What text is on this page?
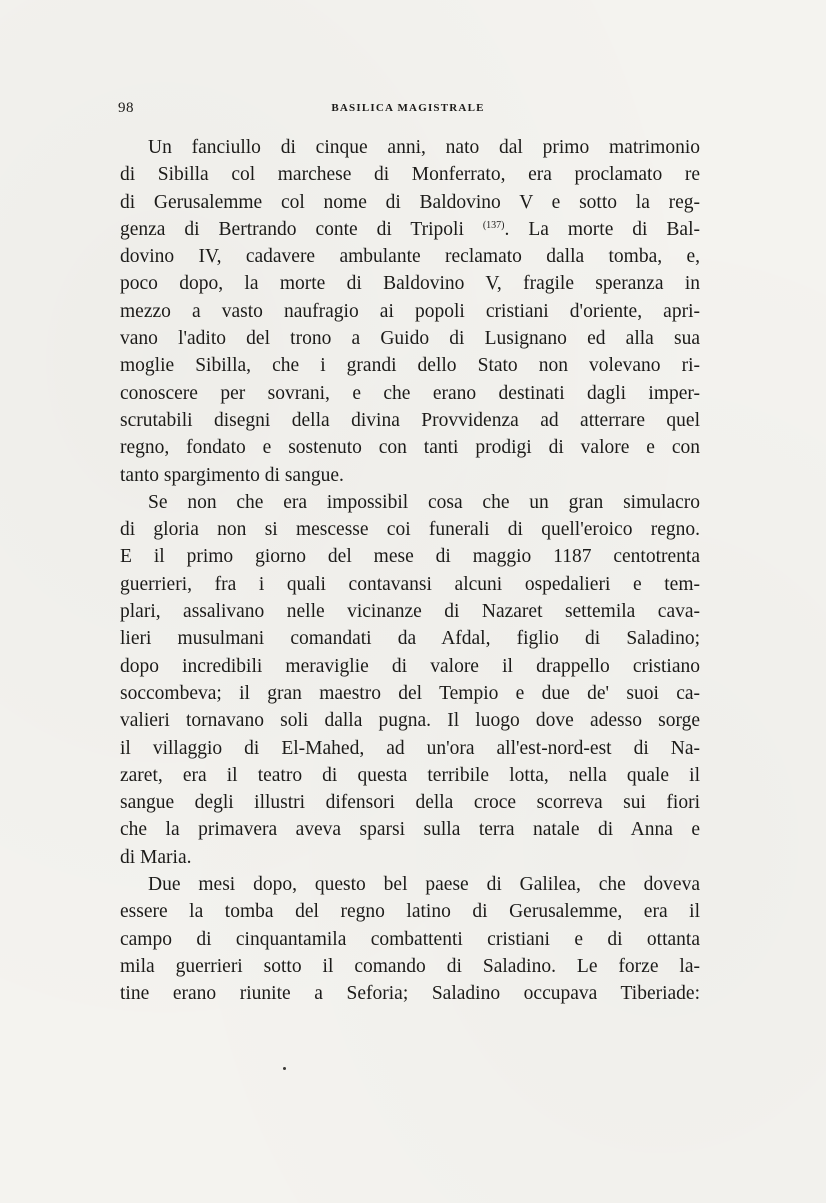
98	BASILICA MAGISTRALE
Un fanciullo di cinque anni, nato dal primo matrimonio
di Sibilla col marchese di Monferrato, era proclamato re
di Gerusalemme col nome di Baldovino V e sotto la reg-
genza di Bertrando conte di Tripoli $^{(137)}$. La morte di Bal-
dovino IV, cadavere ambulante reclamato dalla tomba, e,
poco dopo, la morte di Baldovino V, fragile speranza in
mezzo a vasto naufragio ai popoli cristiani d'oriente, apri-
vano l'adito del trono a Guido di Lusignano ed alla sua
moglie Sibilla, che i grandi dello Stato non volevano ri-
conoscere per sovrani, e che erano destinati dagli imper-
scrutabili disegni della divina Provvidenza ad atterrare quel
regno, fondato e sostenuto con tanti prodigi di valore e con
tanto spargimento di sangue.
Se non che era impossibil cosa che un gran simulacro
di gloria non si mescesse coi funerali di quell'eroico regno.
E il primo giorno del mese di maggio 1187 centotrenta
guerrieri, fra i quali contavansi alcuni ospedalieri e tem-
plari, assalivano nelle vicinanze di Nazaret settemila cava-
lieri musulmani comandati da Afdal, figlio di Saladino;
dopo incredibili meraviglie di valore il drappello cristiano
soccombeva; il gran maestro del Tempio e due de' suoi ca-
valieri tornavano soli dalla pugna. Il luogo dove adesso sorge
il villaggio di El-Mahed, ad un'ora all'est-nord-est di Na-
zaret, era il teatro di questa terribile lotta, nella quale il
sangue degli illustri difensori della croce scorreva sui fiori
che la primavera aveva sparsi sulla terra natale di Anna e
di Maria.
Due mesi dopo, questo bel paese di Galilea, che doveva
essere la tomba del regno latino di Gerusalemme, era il
campo di cinquantamila combattenti cristiani e di ottanta
mila guerrieri sotto il comando di Saladino. Le forze la-
tine erano riunite a Seforia; Saladino occupava Tiberiade:
